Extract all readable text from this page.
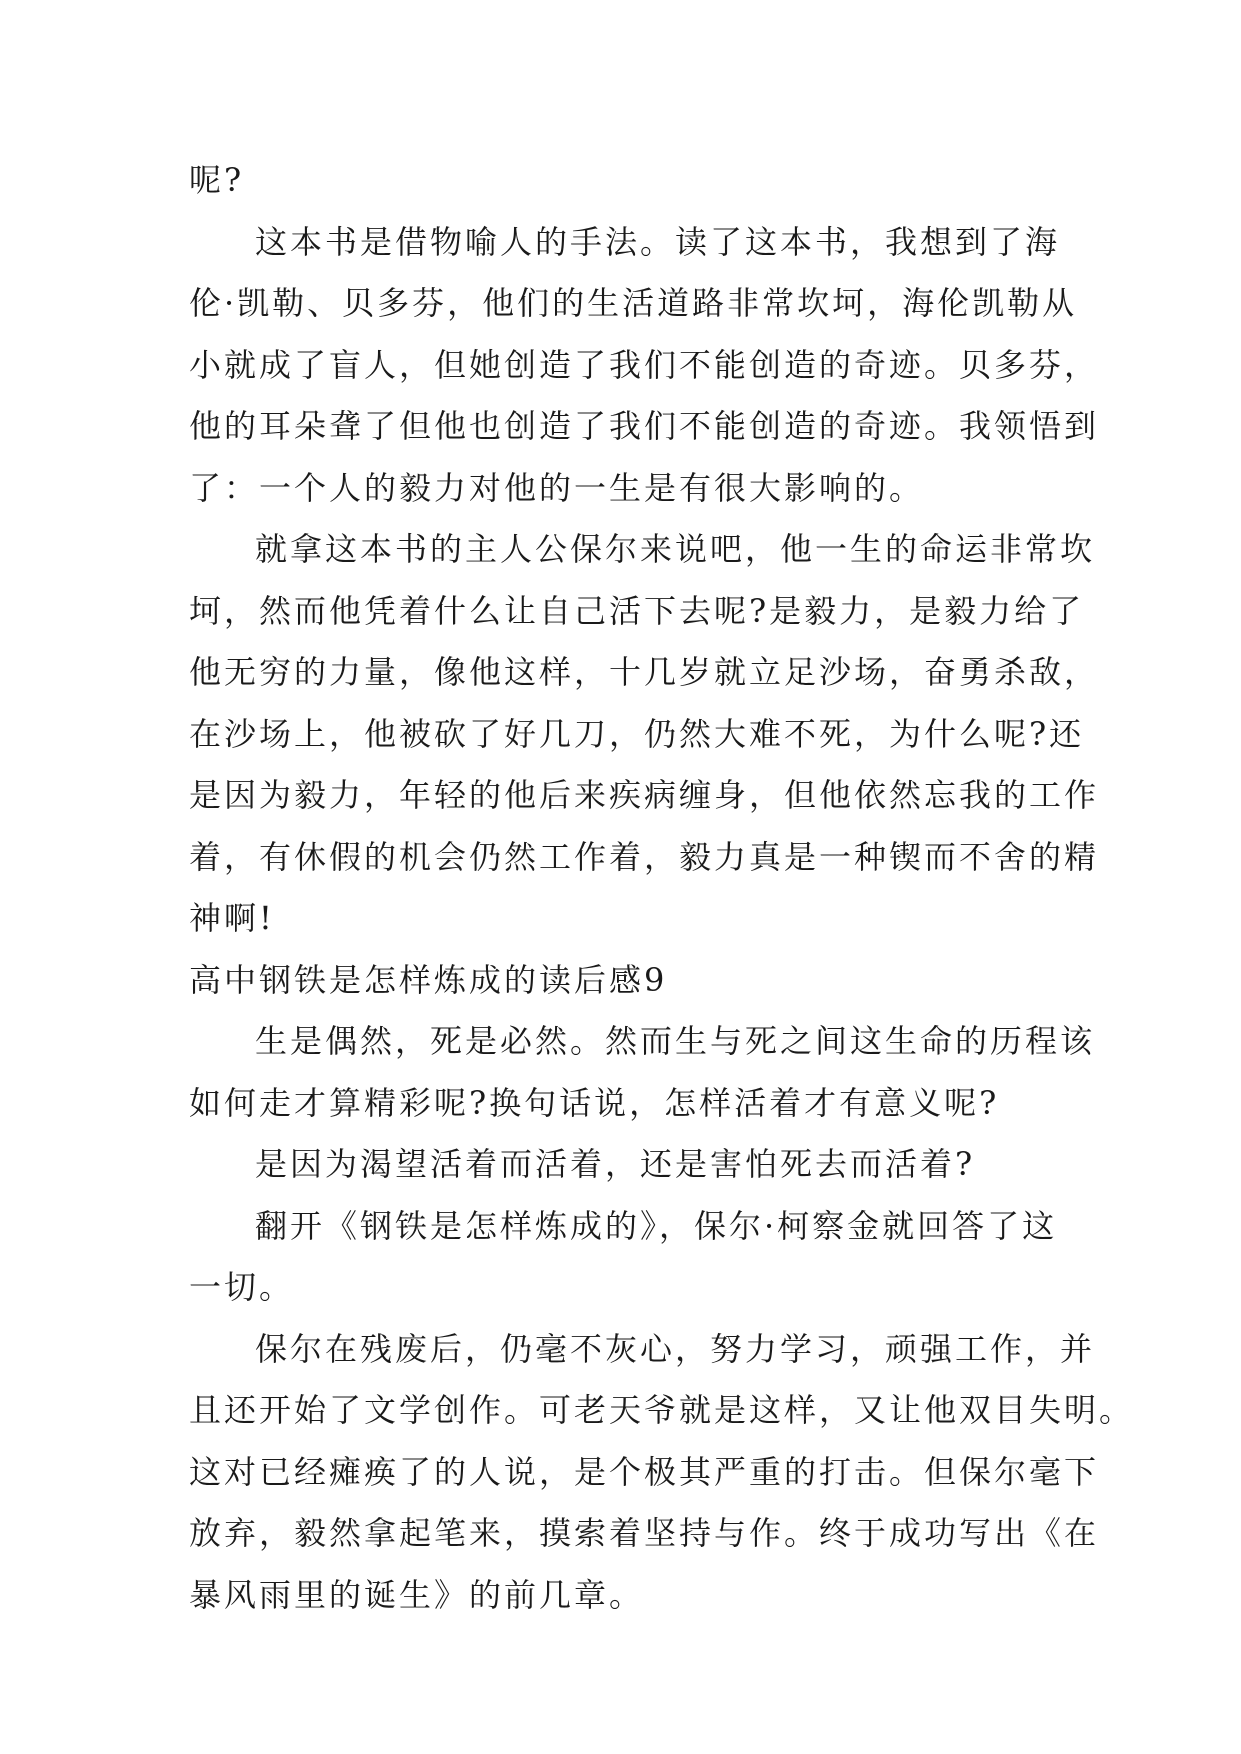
呢?
这本书是借物喻人的手法。读了这本书，我想到了海
伦·凯勒、贝多芬，他们的生活道路非常坎坷，海伦凯勒从
小就成了盲人，但她创造了我们不能创造的奇迹。贝多芬，
他的耳朵聋了但他也创造了我们不能创造的奇迹。我领悟到
了：一个人的毅力对他的一生是有很大影响的。
就拿这本书的主人公保尔来说吧，他一生的命运非常坎
坷，然而他凭着什么让自己活下去呢?是毅力，是毅力给了
他无穷的力量，像他这样，十几岁就立足沙场，奋勇杀敌，
在沙场上，他被砍了好几刀，仍然大难不死，为什么呢?还
是因为毅力，年轻的他后来疾病缠身，但他依然忘我的工作
着，有休假的机会仍然工作着，毅力真是一种锲而不舍的精
神啊!
高中钢铁是怎样炼成的读后感9
生是偶然，死是必然。然而生与死之间这生命的历程该
如何走才算精彩呢?换句话说，怎样活着才有意义呢?
是因为渴望活着而活着，还是害怕死去而活着?
翻开《钢铁是怎样炼成的》，保尔·柯察金就回答了这
一切。
保尔在残废后，仍毫不灰心，努力学习，顽强工作，并
且还开始了文学创作。可老天爷就是这样，又让他双目失明。
这对已经瘫痪了的人说，是个极其严重的打击。但保尔毫下
放弃，毅然拿起笔来，摸索着坚持与作。终于成功写出《在
暴风雨里的诞生》的前几章。
